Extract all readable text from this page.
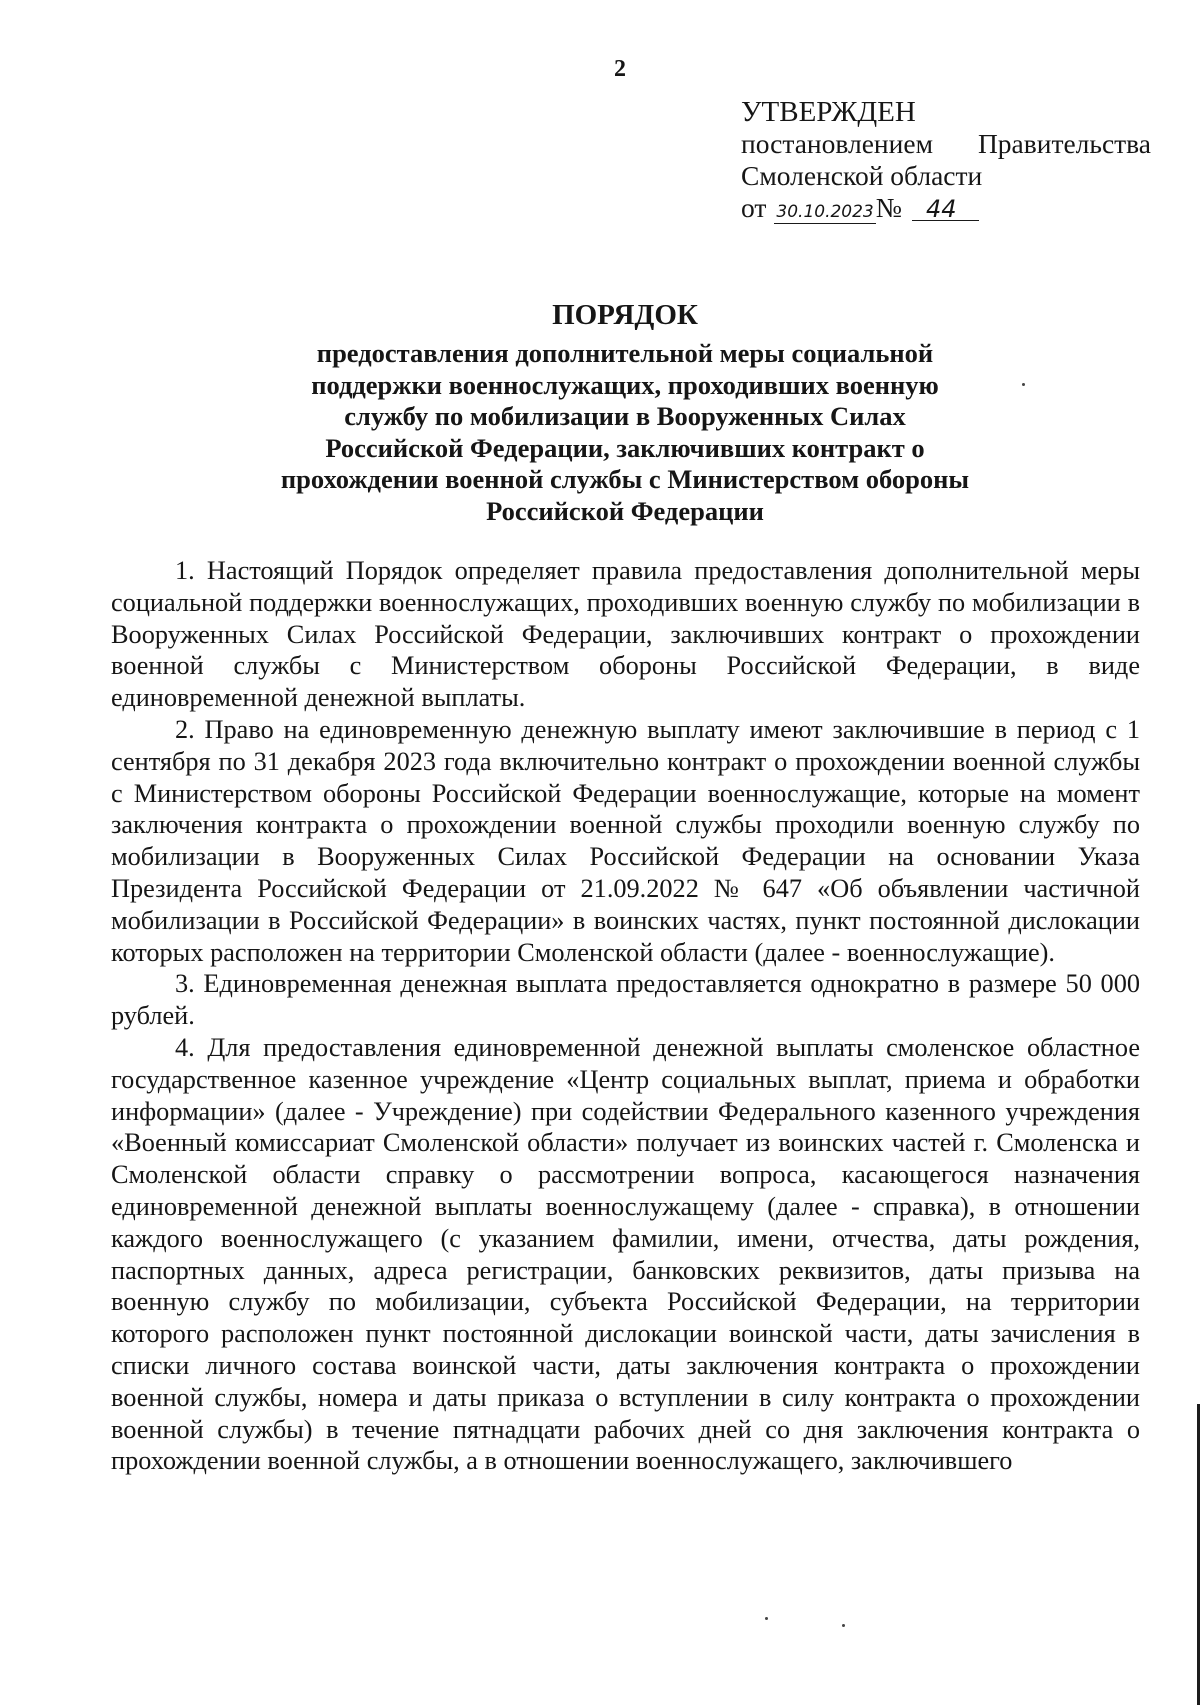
2
УТВЕРЖДЕН
постановлением Правительства
Смоленской области
от 30.10.2023 №	44
ПОРЯДОК
предоставления дополнительной меры социальной поддержки военнослужащих, проходивших военную службу по мобилизации в Вооруженных Силах Российской Федерации, заключивших контракт о прохождении военной службы с Министерством обороны Российской Федерации

1. Настоящий Порядок определяет правила предоставления дополнительной меры социальной поддержки военнослужащих, проходивших военную службу по мобилизации в Вооруженных Силах Российской Федерации, заключивших контракт о прохождении военной службы с Министерством обороны Российской Федерации, в виде единовременной денежной выплаты.

2. Право на единовременную денежную выплату имеют заключившие в период с 1 сентября по 31 декабря 2023 года включительно контракт о прохождении военной службы с Министерством обороны Российской Федерации военнослужащие, которые на момент заключения контракта о прохождении военной службы проходили военную службу по мобилизации в Вооруженных Силах Российской Федерации на основании Указа Президента Российской Федерации от 21.09.2022 № 647 «Об объявлении частичной мобилизации в Российской Федерации» в воинских частях, пункт постоянной дислокации которых расположен на территории Смоленской области (далее - военнослужащие).

3. Единовременная денежная выплата предоставляется однократно в размере 50 000 рублей.

4. Для предоставления единовременной денежной выплаты смоленское областное государственное казенное учреждение «Центр социальных выплат, приема и обработки информации» (далее - Учреждение) при содействии Федерального казенного учреждения «Военный комиссариат Смоленской области» получает из воинских частей г. Смоленска и Смоленской области справку о рассмотрении вопроса, касающегося назначения единовременной денежной выплаты военнослужащему (далее - справка), в отношении каждого военнослужащего (с указанием фамилии, имени, отчества, даты рождения, паспортных данных, адреса регистрации, банковских реквизитов, даты призыва на военную службу по мобилизации, субъекта Российской Федерации, на территории которого расположен пункт постоянной дислокации воинской части, даты зачисления в списки личного состава воинской части, даты заключения контракта о прохождении военной службы, номера и даты приказа о вступлении в силу контракта о прохождении военной службы) в течение пятнадцати рабочих дней со дня заключения контракта о прохождении военной службы, а в отношении военнослужащего, заключившего
